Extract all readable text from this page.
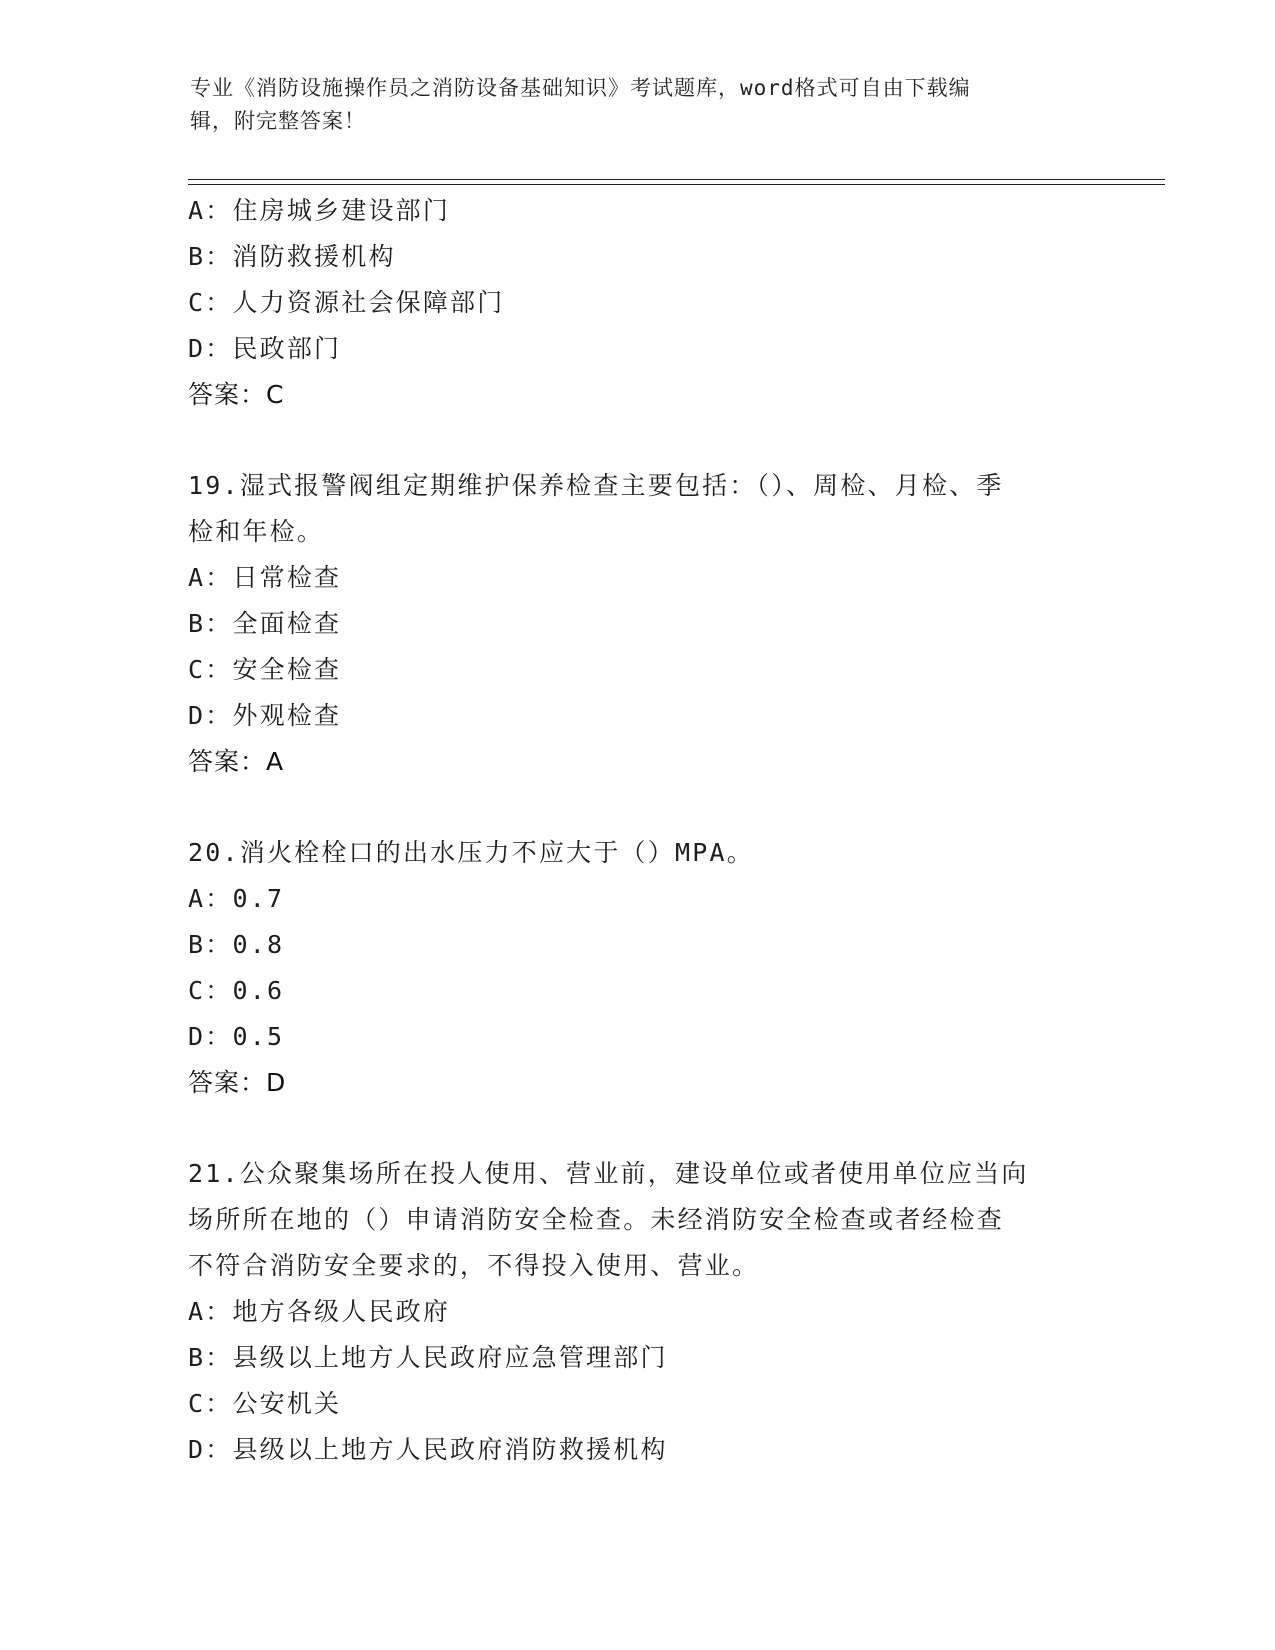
专业《消防设施操作员之消防设备基础知识》考试题库，word格式可自由下载编
辑，附完整答案！
A：住房城乡建设部门
B：消防救援机构
C：人力资源社会保障部门
D：民政部门
答案：C
19.湿式报警阀组定期维护保养检查主要包括：（）、周检、月检、季
检和年检。
A：日常检查
B：全面检查
C：安全检查
D：外观检查
答案：A
20.消火栓栓口的出水压力不应大于（）MPA。
A：0.7
B：0.8
C：0.6
D：0.5
答案：D
21.公众聚集场所在投人使用、营业前，建设单位或者使用单位应当向
场所所在地的（）申请消防安全检查。未经消防安全检查或者经检查
不符合消防安全要求的，不得投入使用、营业。
A：地方各级人民政府
B：县级以上地方人民政府应急管理部门
C：公安机关
D：县级以上地方人民政府消防救援机构
